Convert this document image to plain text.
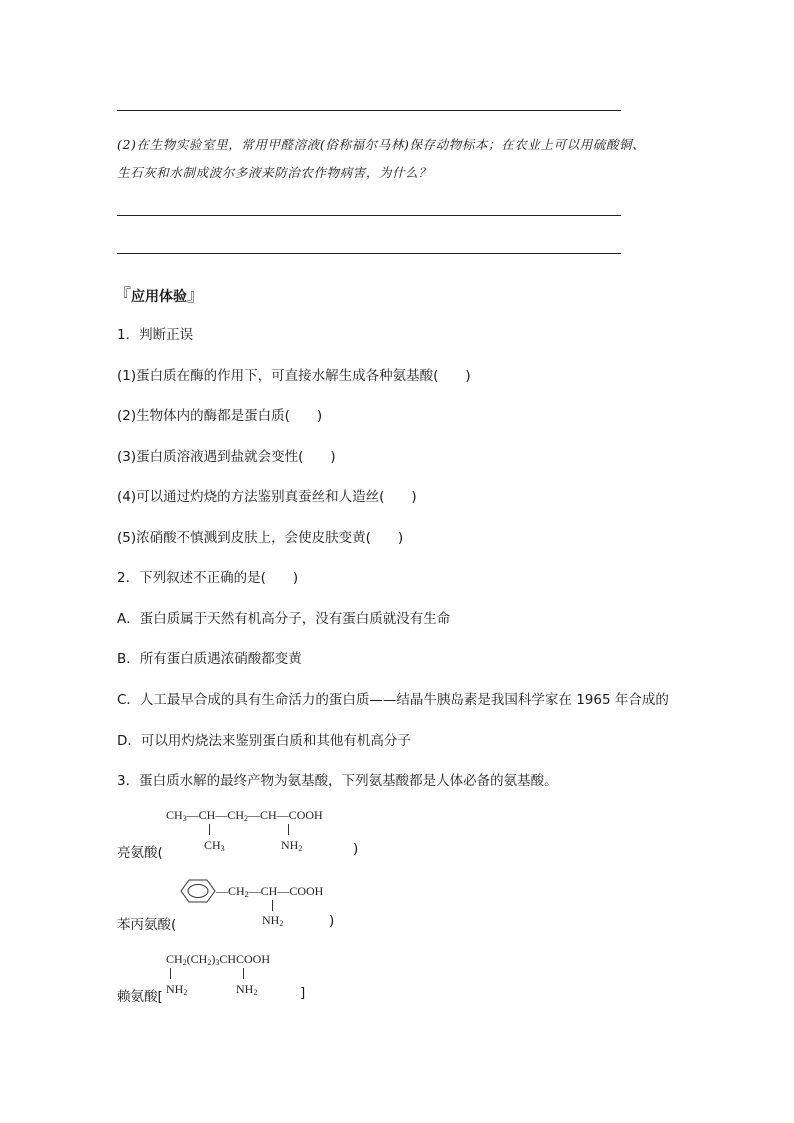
(2)在生物实验室里，常用甲醛溶液(俗称福尔马林)保存动物标本；在农业上可以用硫酸铜、
生石灰和水制成波尔多液来防治农作物病害，为什么？
『应用体验』
1．判断正误
(1)蛋白质在酶的作用下，可直接水解生成各种氨基酸(　　)
(2)生物体内的酶都是蛋白质(　　)
(3)蛋白质溶液遇到盐就会变性(　　)
(4)可以通过灼烧的方法鉴别真蚕丝和人造丝(　　)
(5)浓硝酸不慎溅到皮肤上，会使皮肤变黄(　　)
2．下列叙述不正确的是(　　)
A．蛋白质属于天然有机高分子，没有蛋白质就没有生命
B．所有蛋白质遇浓硝酸都变黄
C．人工最早合成的具有生命活力的蛋白质——结晶牛胰岛素是我国科学家在 1965 年合成的
D．可以用灼烧法来鉴别蛋白质和其他有机高分子
3．蛋白质水解的最终产物为氨基酸，下列氨基酸都是人体必备的氨基酸。
$CH_3—CH—CH_2—CH—COOH$
$CH_3$	$NH_2$
亮氨酸(	)
$—CH_2—CH—COOH$
$NH_2$
苯丙氨酸(	)
$CH_2(CH_2)_3CHCOOH$
$NH_2$	$NH_2$
赖氨酸[	]
